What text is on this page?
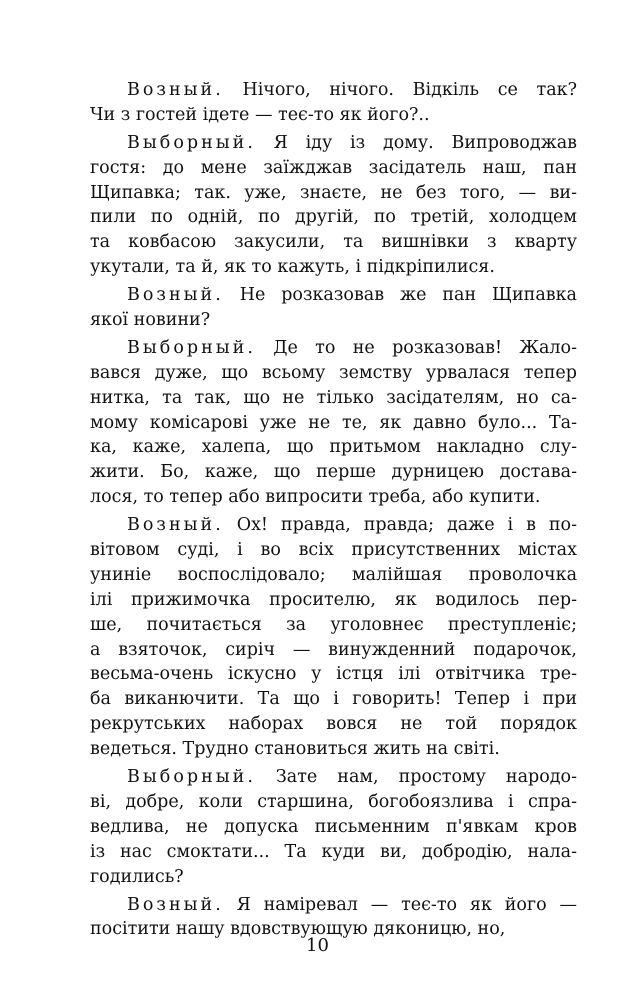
Возный. Нічого, нічого. Відкіль се так?
Чи з гостей ідете — теє-то як його?..
Выборный. Я іду із дому. Випроводжав
гостя: до мене заїжджав засідатель наш, пан
Щипавка; так. уже, знаєте, не без того, — ви-
пили по одній, по другій, по третій, холодцем
та ковбасою закусили, та вишнівки з кварту
укутали, та й, як то кажуть, і підкріпилися.
Возный. Не розказовав же пан Щипавка
якої новини?
Выборный. Де то не розказовав! Жало-
вався дуже, що всьому земству урвалася тепер
нитка, та так, що не тілько засідателям, но са-
мому комісарові уже не те, як давно було... Та-
ка, каже, халепа, що притьмом накладно слу-
жити. Бо, каже, що перше дурницею достава-
лося, то тепер або випросити треба, або купити.
Возный. Ох! правда, правда; даже і в по-
вітовом суді, і во всіх присутственних містах
унинiе воспослідовало; малійшая проволочка
ілі прижимочка просителю, як водилось пер-
ше, почитається за уголовнеє преступленіє;
а взяточок, сиріч — винужденний подарочок,
весьма-очень іскусно у істця ілі отвітчика тре-
ба виканючити. Та що і говорить! Тепер і при
рекрутських наборах вовся не той порядок
ведеться. Трудно становиться жить на світі.
Выборный. Зате нам, простому народо-
ві, добре, коли старшина, богобоязлива і спра-
ведлива, не допуска письменним п'явкам кров
із нас смоктати... Та куди ви, добродію, нала-
годились?
Возный. Я наміревал — теє-то як його —
посітити нашу вдовствующую дяконицю, но,
10
